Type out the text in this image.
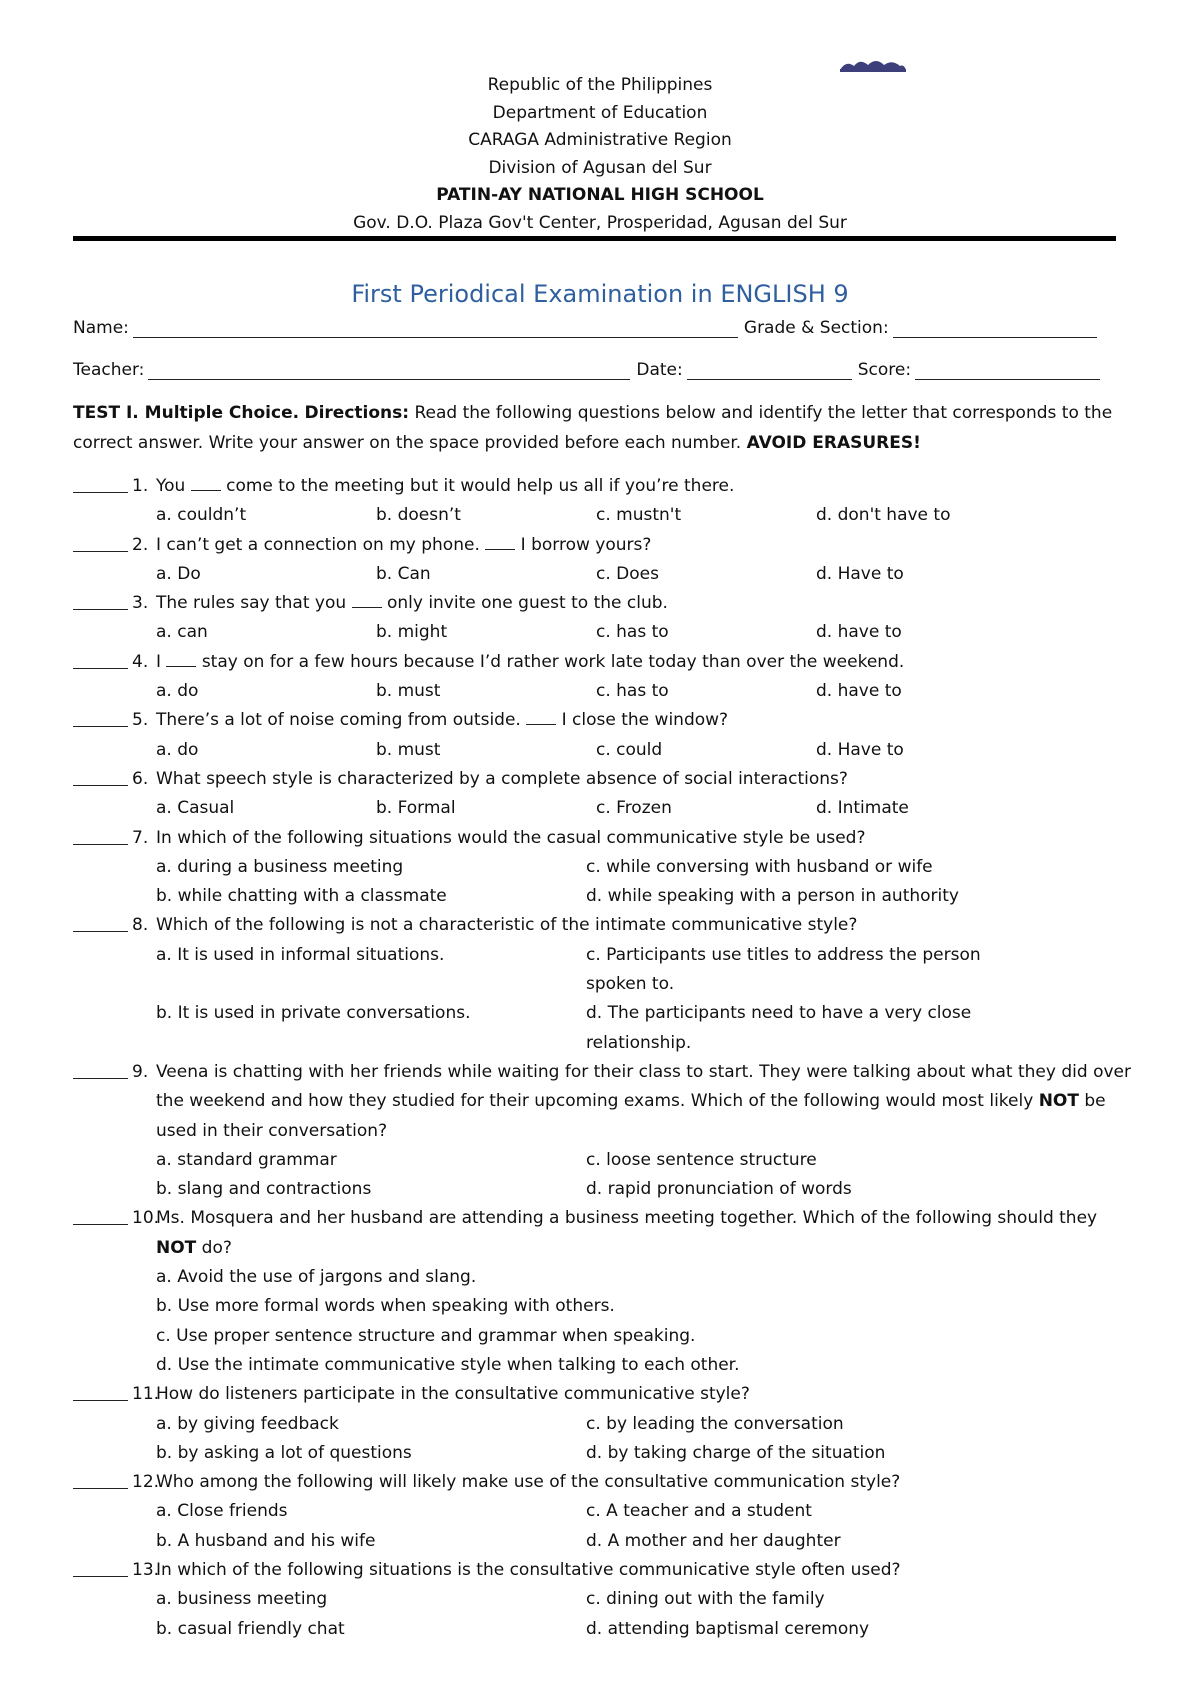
Republic of the Philippines
Department of Education
CARAGA Administrative Region
Division of Agusan del Sur
PATIN-AY NATIONAL HIGH SCHOOL
Gov. D.O. Plaza Gov't Center, Prosperidad, Agusan del Sur
First Periodical Examination in ENGLISH 9
Name:	Grade & Section:
Teacher:	Date:	Score:
TEST I. Multiple Choice. Directions: Read the following questions below and identify the letter that corresponds to the correct answer. Write your answer on the space provided before each number. AVOID ERASURES!
1. You  come to the meeting but it would help us all if you’re there.
a. couldn’t	b. doesn’t	c. mustn't	d. don't have to
2. I can’t get a connection on my phone.  I borrow yours?
a. Do	b. Can	c. Does	d. Have to
3. The rules say that you  only invite one guest to the club.
a. can	b. might	c. has to	d. have to
4. I  stay on for a few hours because I’d rather work late today than over the weekend.
a. do	b. must	c. has to	d. have to
5. There’s a lot of noise coming from outside.  I close the window?
a. do	b. must	c. could	d. Have to
6. What speech style is characterized by a complete absence of social interactions?
a. Casual	b. Formal	c. Frozen	d. Intimate
7. In which of the following situations would the casual communicative style be used?
a. during a business meeting	c. while conversing with husband or wife
b. while chatting with a classmate	d. while speaking with a person in authority
8. Which of the following is not a characteristic of the intimate communicative style?
a. It is used in informal situations.	c. Participants use titles to address the person spoken to.
b. It is used in private conversations.	d. The participants need to have a very close relationship.
9. Veena is chatting with her friends while waiting for their class to start. They were talking about what they did over the weekend and how they studied for their upcoming exams. Which of the following would most likely NOT be used in their conversation?
a. standard grammar	c. loose sentence structure
b. slang and contractions	d. rapid pronunciation of words
10.
Ms. Mosquera and her husband are attending a business meeting together. Which of the following should they NOT do?
a. Avoid the use of jargons and slang.
b. Use more formal words when speaking with others.
c. Use proper sentence structure and grammar when speaking.
d. Use the intimate communicative style when talking to each other.
11.
How do listeners participate in the consultative communicative style?
a. by giving feedback	c. by leading the conversation
b. by asking a lot of questions	d. by taking charge of the situation
12.
Who among the following will likely make use of the consultative communication style?
a. Close friends	c. A teacher and a student
b. A husband and his wife	d. A mother and her daughter
13.
In which of the following situations is the consultative communicative style often used?
a. business meeting	c. dining out with the family
b. casual friendly chat	d. attending baptismal ceremony
